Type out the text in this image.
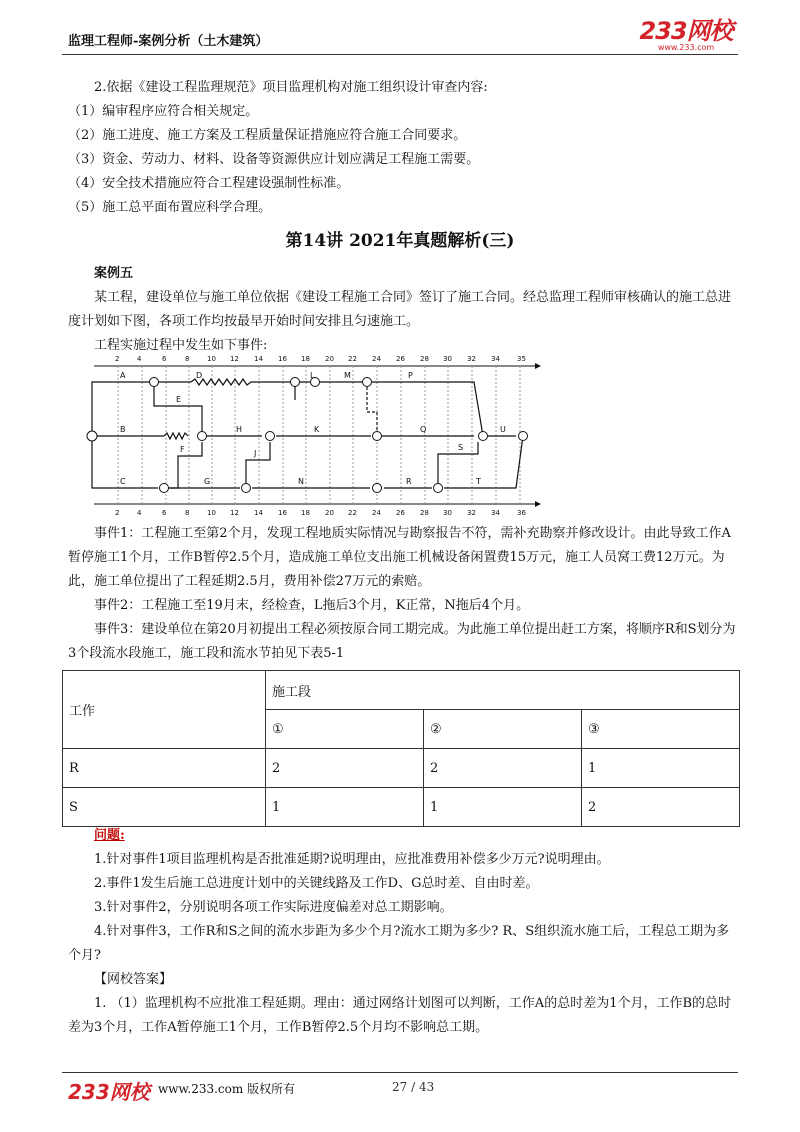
监理工程师-案例分析（土木建筑）	233网校
www.233.com

2.依据《建设工程监理规范》项目监理机构对施工组织设计审查内容:

（1）编审程序应符合相关规定。

（2）施工进度、施工方案及工程质量保证措施应符合施工合同要求。

（3）资金、劳动力、材料、设备等资源供应计划应满足工程施工需要。

（4）安全技术措施应符合工程建设强制性标准。

（5）施工总平面布置应科学合理。

第14讲 2021年真题解析(三)

案例五

某工程，建设单位与施工单位依据《建设工程施工合同》签订了施工合同。经总监理工程师审核确认的施工总进度计划如下图，各项工作均按最早开始时间安排且匀速施工。

工程实施过程中发生如下事件:

2	4	6	8	10 12 14 16 18 20 22 24 26 28 30 32 34 35
2	4	6	8	10 12 14 16 18 20 22 24 26 28 30 32 34 36
A	D	L	M	P
E
B	H	K	Q	U
F	J
S
C	G	N	R	T

事件1：工程施工至第2个月，发现工程地质实际情况与勘察报告不符，需补充勘察并修改设计。由此导致工作A暂停施工1个月，工作B暂停2.5个月，造成施工单位支出施工机械设备闲置费15万元，施工人员窝工费12万元。为此，施工单位提出了工程延期2.5月，费用补偿27万元的索赔。

事件2：工程施工至19月末，经检查，L拖后3个月，K正常，N拖后4个月。

事件3：建设单位在第20月初提出工程必须按原合同工期完成。为此施工单位提出赶工方案，将顺序R和S划分为3个段流水段施工，施工段和流水节拍见下表5-1

工作	施工段		
	①	②	③
R	2	2	1
S	1	1	2

问题:

1.针对事件1项目监理机构是否批准延期?说明理由，应批准费用补偿多少万元?说明理由。

2.事件1发生后施工总进度计划中的关键线路及工作D、G总时差、自由时差。

3.针对事件2，分别说明各项工作实际进度偏差对总工期影响。

4.针对事件3，工作R和S之间的流水步距为多少个月?流水工期为多少? R、S组织流水施工后，工程总工期为多个月?

【网校答案】

1. （1）监理机构不应批准工程延期。理由：通过网络计划图可以判断，工作A的总时差为1个月，工作B的总时差为3个月，工作A暂停施工1个月，工作B暂停2.5个月均不影响总工期。

233网校 www.233.com 版权所有	27 / 43
